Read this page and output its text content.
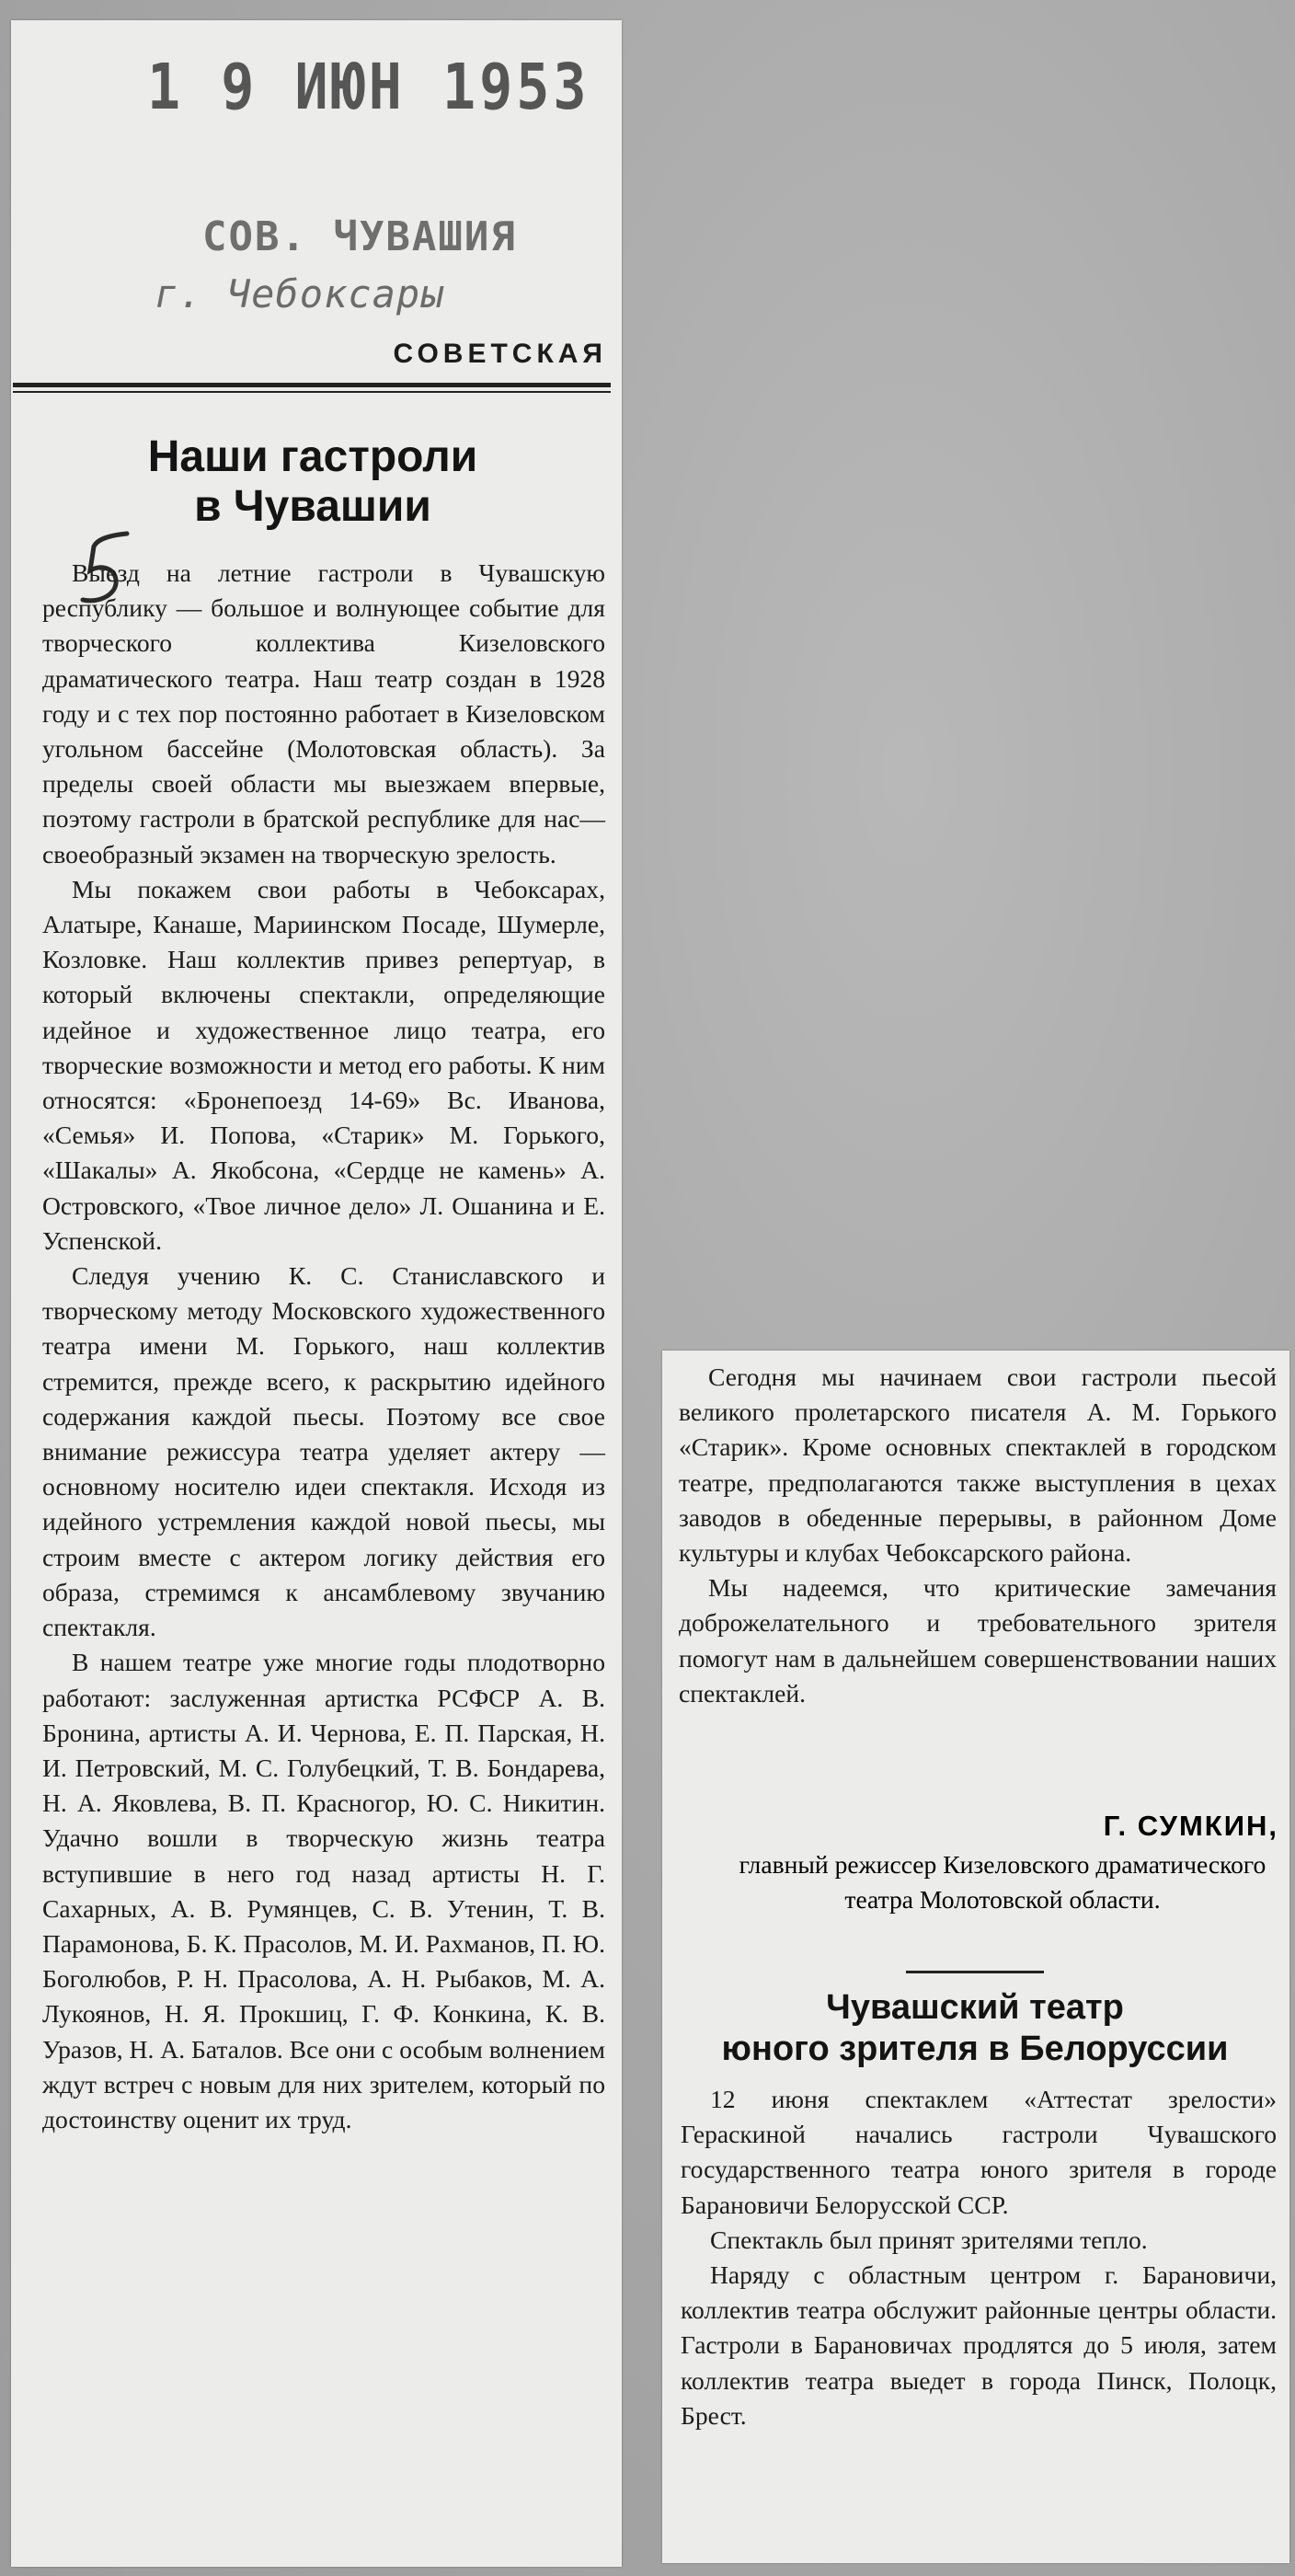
1 9 ИЮН 1953
СОВ. ЧУВАШИЯ
г. Чебоксары
СОВЕТСКАЯ
Наши гастроли
в Чувашии

Выезд на летние гастроли в Чувашскую республику — большое и волнующее событие для творческого коллектива Кизеловского драматического театра. Наш театр создан в 1928 году и с тех пор постоянно работает в Кизеловском угольном бассейне (Молотовская область). За пределы своей области мы выезжаем впервые, поэтому гастроли в братской республике для нас—своеобразный экзамен на творческую зрелость.

Мы покажем свои работы в Чебоксарах, Алатыре, Канаше, Мариинском Посаде, Шумерле, Козловке. Наш коллектив привез репертуар, в который включены спектакли, определяющие идейное и художественное лицо театра, его творческие возможности и метод его работы. К ним относятся: «Бронепоезд 14-69» Вс. Иванова, «Семья» И. Попова, «Старик» М. Горького, «Шакалы» А. Якобсона, «Сердце не камень» А. Островского, «Твое личное дело» Л. Ошанина и Е. Успенской.

Следуя учению К. С. Станиславского и творческому методу Московского художественного театра имени М. Горького, наш коллектив стремится, прежде всего, к раскрытию идейного содержания каждой пьесы. Поэтому все свое внимание режиссура театра уделяет актеру — основному носителю идеи спектакля. Исходя из идейного устремления каждой новой пьесы, мы строим вместе с актером логику действия его образа, стремимся к ансамблевому звучанию спектакля.

В нашем театре уже многие годы плодотворно работают: заслуженная артистка РСФСР А. В. Бронина, артисты А. И. Чернова, Е. П. Парская, Н. И. Петровский, М. С. Голубецкий, Т. В. Бондарева, Н. А. Яковлева, В. П. Красногор, Ю. С. Никитин. Удачно вошли в творческую жизнь театра вступившие в него год назад артисты Н. Г. Сахарных, А. В. Румянцев, С. В. Утенин, Т. В. Парамонова, Б. К. Прасолов, М. И. Рахманов, П. Ю. Боголюбов, Р. Н. Прасолова, А. Н. Рыбаков, М. А. Лукоянов, Н. Я. Прокшиц, Г. Ф. Конкина, К. В. Уразов, Н. А. Баталов. Все они с особым волнением ждут встреч с новым для них зрителем, который по достоинству оценит их труд.

Сегодня мы начинаем свои гастроли пьесой великого пролетарского писателя А. М. Горького «Старик». Кроме основных спектаклей в городском театре, предполагаются также выступления в цехах заводов в обеденные перерывы, в районном Доме культуры и клубах Чебоксарского района.

Мы надеемся, что критические замечания доброжелательного и требовательного зрителя помогут нам в дальнейшем совершенствовании наших спектаклей.

Г. СУМКИН,
главный режиссер Кизеловского драматического театра Молотовской области.
Чувашский театр
юного зрителя в Белоруссии

12 июня спектаклем «Аттестат зрелости» Гераскиной начались гастроли Чувашского государственного театра юного зрителя в городе Барановичи Белорусской ССР.

Спектакль был принят зрителями тепло.

Наряду с областным центром г. Барановичи, коллектив театра обслужит районные центры области. Гастроли в Барановичах продлятся до 5 июля, затем коллектив театра выедет в города Пинск, Полоцк, Брест.
